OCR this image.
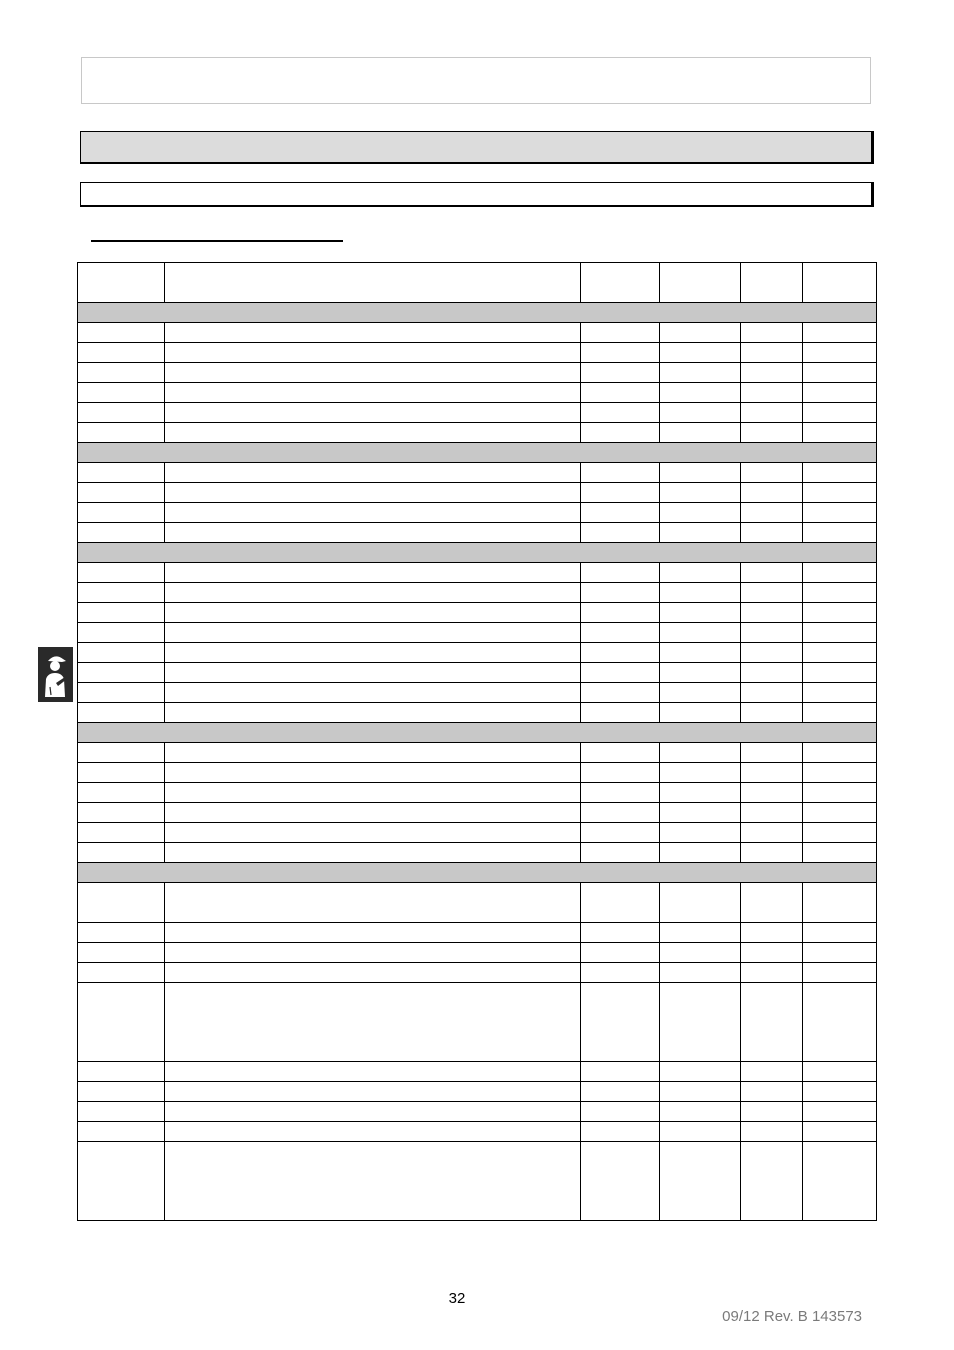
32
09/12 Rev. B 143573
